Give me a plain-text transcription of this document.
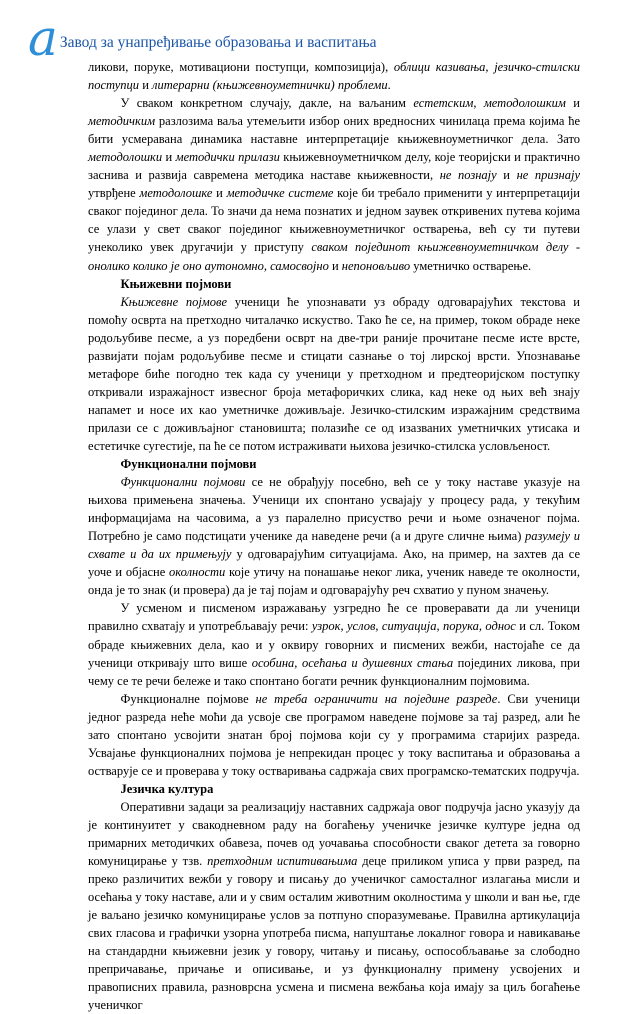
a Завод за унапређивање образовања и васпитања

ликови, поруке, мотивациони поступци, композиција), облици казивања, језичко-стилски поступци и литерарни (књижевноуметнички) проблеми.

У сваком конкретном случају, дакле, на ваљаним естетским, методолошким и методичким разлозима ваља утемељити избор оних вредносних чинилаца према којима ће бити усмеравана динамика наставне интерпретације књижевноуметничког дела. Зато методолошки и методички прилази књижевноуметничком делу, које теоријски и практично заснива и развија савремена методика наставе књижевности, не познају и не признају утврђене методолошке и методичке системе које би требало применити у интерпретацији сваког појединог дела. То значи да нема познатих и једном заувек откривених путева којима се улази у свет сваког појединог књижевноуметничког остварења, већ су ти путеви унеколико увек другачији у приступу сваком појединоm књижевноуметничком делу - онолико колико је оно аутономно, самосвојно и непоновљиво уметничко остварење.

Књижевни појмови

Књижевне појмове ученици ће упознавати уз обраду одговарајућих текстова и помоћу осврта на претходно читалачко искуство. Тако ће се, на пример, током обраде неке родољубиве песме, а уз поредбени осврт на две-три раније прочитане песме исте врсте, развијати појам родољубиве песме и стицати сазнање о тој лирској врсти. Упознавање метафоре биће погодно тек када су ученици у претходном и предтеоријском поступку откривали изражајност извесног броја метафоричких слика, кад неке од њих већ знају напамет и носе их као уметничке доживљаје. Језичко-стилским изражајним средствима прилази се с доживљајног становишта; полазиће се од изазваних уметничких утисака и естетичке сугестије, па ће се потом истраживати њихова језичко-стилска условљеност.

Функционални појмови

Функционални појмови се не обрађују посебно, већ се у току наставе указује на њихова примењена значења. Ученици их спонтано усвајају у процесу рада, у текућим информацијама на часовима, а уз паралелно присуство речи и њоме означеног појма. Потребно је само подстицати ученике да наведене речи (а и друге сличне њима) разумеју и схвате и да их примењују у одговарајућим ситуацијама. Ако, на пример, на захтев да се уоче и објасне околности које утичу на понашање неког лика, ученик наведе те околности, онда је то знак (и провера) да је тај појам и одговарајућу реч схватио у пуном значењу.

У усменом и писменом изражавању узгредно ће се проверавати да ли ученици правилно схватају и употребљавају речи: узрок, услов, ситуација, порука, однос и сл. Током обраде књижевних дела, као и у оквиру говорних и писмених вежби, настојаће се да ученици откривају што више особина, осећања и душевних стања појединих ликова, при чему се те речи бележе и тако спонтано богати речник функционалним појмовима.

Функционалне појмове не треба ограничити на поједине разреде. Сви ученици једног разреда неће моћи да усвоје све програмом наведене појмове за тај разред, али ће зато спонтано усвојити знатан број појмова који су у програмима старијих разреда. Усвајање функционалних појмова је непрекидан процес у току васпитања и образовања а остварује се и проверава у току остваривања садржаја свих програмско-тематских подручја.

Језичка култура

Оперативни задаци за реализацију наставних садржаја овог подручја јасно указују да је континуитет у свакодневном раду на богаћењу ученичке језичке културе једна од примарних методичких обавеза, почев од уочавања способности сваког детета за говорно комуницирање у тзв. претходним испитивањима деце приликом уписа у први разред, па преко различитих вежби у говору и писању до ученичког самосталног излагања мисли и осећања у току наставе, али и у свим осталим животним околностима у школи и ван ње, где је ваљано језичко комуницирање услов за потпуно споразумевање. Правилна артикулација свих гласова и графички узорна употреба писма, напуштање локалног говора и навикавање на стандардни књижевни језик у говору, читању и писању, оспособљавање за слободно препричавање, причање и описивање, и уз функционалну примену усвојених и правописних правила, разноврсна усмена и писмена вежбања која имају за циљ богаћење ученичког
